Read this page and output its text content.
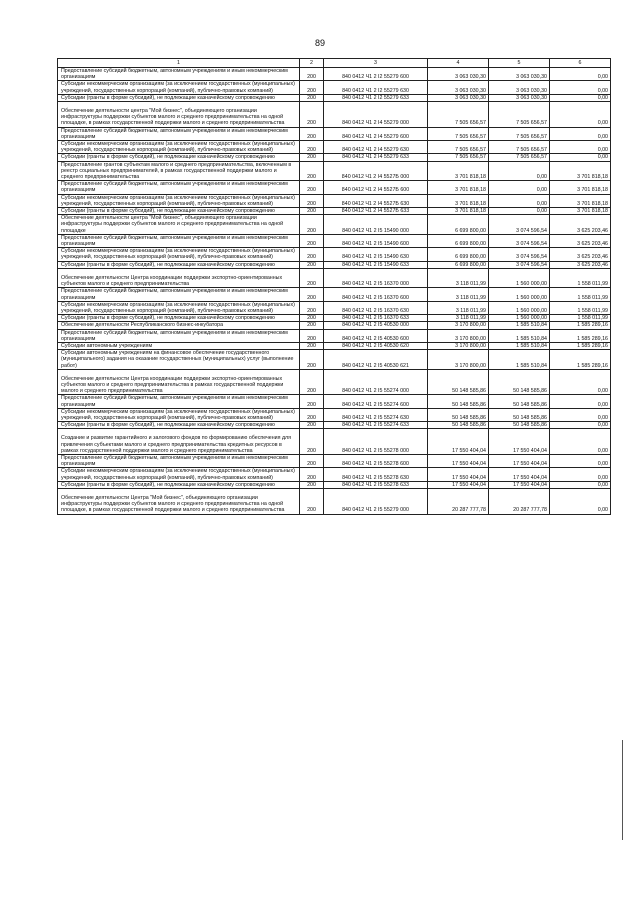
89
1	2	3	4	5	6
Предоставление субсидий бюджетным, автономным учреждениям и иным некоммерческим организациям	200	840 0412 Ч1 2 I2 55279 600	3 063 030,30	3 063 030,30	0,00
Субсидии некоммерческим организациям (за исключением государственных (муниципальных) учреждений, государственных корпораций (компаний), публично-правовых компаний)	200	840 0412 Ч1 2 I2 55279 630	3 063 030,30	3 063 030,30	0,00
Субсидии (гранты в форме субсидий), не подлежащие казначейскому сопровождению	200	840 0412 Ч1 2 I2 55279 633	3 063 030,30	3 063 030,30	0,00
Обеспечение деятельности центра "Мой бизнес", объединяющего организации инфраструктуры поддержки субъектов малого и среднего предпринимательства на одной площадке, в рамках государственной поддержки малого и среднего предпринимательства	200	840 0412 Ч1 2 I4 55279 000	7 505 656,57	7 505 656,57	0,00
Предоставление субсидий бюджетным, автономным учреждениям и иным некоммерческим организациям	200	840 0412 Ч1 2 I4 55279 600	7 505 656,57	7 505 656,57	0,00
Субсидии некоммерческим организациям (за исключением государственных (муниципальных) учреждений, государственных корпораций (компаний), публично-правовых компаний)	200	840 0412 Ч1 2 I4 55279 630	7 505 656,57	7 505 656,57	0,00
Субсидии (гранты в форме субсидий), не подлежащие казначейскому сопровождению	200	840 0412 Ч1 2 I4 55279 633	7 505 656,57	7 505 656,57	0,00
Предоставление грантов субъектам малого и среднего предпринимательства, включенным в реестр социальных предпринимателей, в рамках государственной поддержки малого и среднего предпринимательства	200	840 0412 Ч1 2 I4 5527Б 000	3 701 818,18	0,00	3 701 818,18
Предоставление субсидий бюджетным, автономным учреждениям и иным некоммерческим организациям	200	840 0412 Ч1 2 I4 5527Б 600	3 701 818,18	0,00	3 701 818,18
Субсидии некоммерческим организациям (за исключением государственных (муниципальных) учреждений, государственных корпораций (компаний), публично-правовых компаний)	200	840 0412 Ч1 2 I4 5527Б 630	3 701 818,18	0,00	3 701 818,18
Субсидии (гранты в форме субсидий), не подлежащие казначейскому сопровождению	200	840 0412 Ч1 2 I4 5527Б 633	3 701 818,18	0,00	3 701 818,18
Обеспечение деятельности центра "Мой бизнес", объединяющего организации инфраструктуры поддержки субъектов малого и среднего предпринимательства на одной площадке	200	840 0412 Ч1 2 I5 15490 000	6 699 800,00	3 074 596,54	3 625 203,46
Предоставление субсидий бюджетным, автономным учреждениям и иным некоммерческим организациям	200	840 0412 Ч1 2 I5 15490 600	6 699 800,00	3 074 596,54	3 625 203,46
Субсидии некоммерческим организациям (за исключением государственных (муниципальных) учреждений, государственных корпораций (компаний), публично-правовых компаний)	200	840 0412 Ч1 2 I5 15490 630	6 699 800,00	3 074 596,54	3 625 203,46
Субсидии (гранты в форме субсидий), не подлежащие казначейскому сопровождению	200	840 0412 Ч1 2 I5 15490 633	6 699 800,00	3 074 596,54	3 625 203,46
Обеспечение деятельности Центра координации поддержки экспортно-ориентированных субъектов малого и среднего предпринимательства	200	840 0412 Ч1 2 I5 16370 000	3 118 011,99	1 560 000,00	1 558 011,99
Предоставление субсидий бюджетным, автономным учреждениям и иным некоммерческим организациям	200	840 0412 Ч1 2 I5 16370 600	3 118 011,99	1 560 000,00	1 558 011,99
Субсидии некоммерческим организациям (за исключением государственных (муниципальных) учреждений, государственных корпораций (компаний), публично-правовых компаний)	200	840 0412 Ч1 2 I5 16370 630	3 118 011,99	1 560 000,00	1 558 011,99
Субсидии (гранты в форме субсидий), не подлежащие казначейскому сопровождению	200	840 0412 Ч1 2 I5 16370 633	3 118 011,99	1 560 000,00	1 558 011,99
Обеспечение деятельности Республиканского бизнес-инкубатора	200	840 0412 Ч1 2 I5 40530 000	3 170 800,00	1 585 510,84	1 585 289,16
Предоставление субсидий бюджетным, автономным учреждениям и иным некоммерческим организациям	200	840 0412 Ч1 2 I5 40530 600	3 170 800,00	1 585 510,84	1 585 289,16
Субсидии автономным учреждениям	200	840 0412 Ч1 2 I5 40530 620	3 170 800,00	1 585 510,84	1 585 289,16
Субсидии автономным учреждениям на финансовое обеспечение государственного (муниципального) задания на оказание государственных (муниципальных) услуг (выполнение работ)	200	840 0412 Ч1 2 I5 40530 621	3 170 800,00	1 585 510,84	1 585 289,16
Обеспечение деятельности Центра координации поддержки экспортно-ориентированных субъектов малого и среднего предпринимательства в рамках государственной поддержки малого и среднего предпринимательства	200	840 0412 Ч1 2 I5 55274 000	50 148 585,86	50 148 585,86	0,00
Предоставление субсидий бюджетным, автономным учреждениям и иным некоммерческим организациям	200	840 0412 Ч1 2 I5 55274 600	50 148 585,86	50 148 585,86	0,00
Субсидии некоммерческим организациям (за исключением государственных (муниципальных) учреждений, государственных корпораций (компаний), публично-правовых компаний)	200	840 0412 Ч1 2 I5 55274 630	50 148 585,86	50 148 585,86	0,00
Субсидии (гранты в форме субсидий), не подлежащие казначейскому сопровождению	200	840 0412 Ч1 2 I5 55274 633	50 148 585,86	50 148 585,86	0,00
Создание и развитие гарантийного и залогового фондов по формированию обеспечения для привлечения субъектами малого и среднего предпринимательства кредитных ресурсов в рамках государственной поддержки малого и среднего предпринимательства	200	840 0412 Ч1 2 I5 55278 000	17 550 404,04	17 550 404,04	0,00
Предоставление субсидий бюджетным, автономным учреждениям и иным некоммерческим организациям	200	840 0412 Ч1 2 I5 55278 600	17 550 404,04	17 550 404,04	0,00
Субсидии некоммерческим организациям (за исключением государственных (муниципальных) учреждений, государственных корпораций (компаний), публично-правовых компаний)	200	840 0412 Ч1 2 I5 55278 630	17 550 404,04	17 550 404,04	0,00
Субсидии (гранты в форме субсидий), не подлежащие казначейскому сопровождению	200	840 0412 Ч1 2 I5 55278 633	17 550 404,04	17 550 404,04	0,00
Обеспечение деятельности Центра "Мой бизнес", объединяющего организации инфраструктуры поддержки субъектов малого и среднего предпринимательства на одной площадке, в рамках государственной поддержки малого и среднего предпринимательства	200	840 0412 Ч1 2 I5 55279 000	20 287 777,78	20 287 777,78	0,00
